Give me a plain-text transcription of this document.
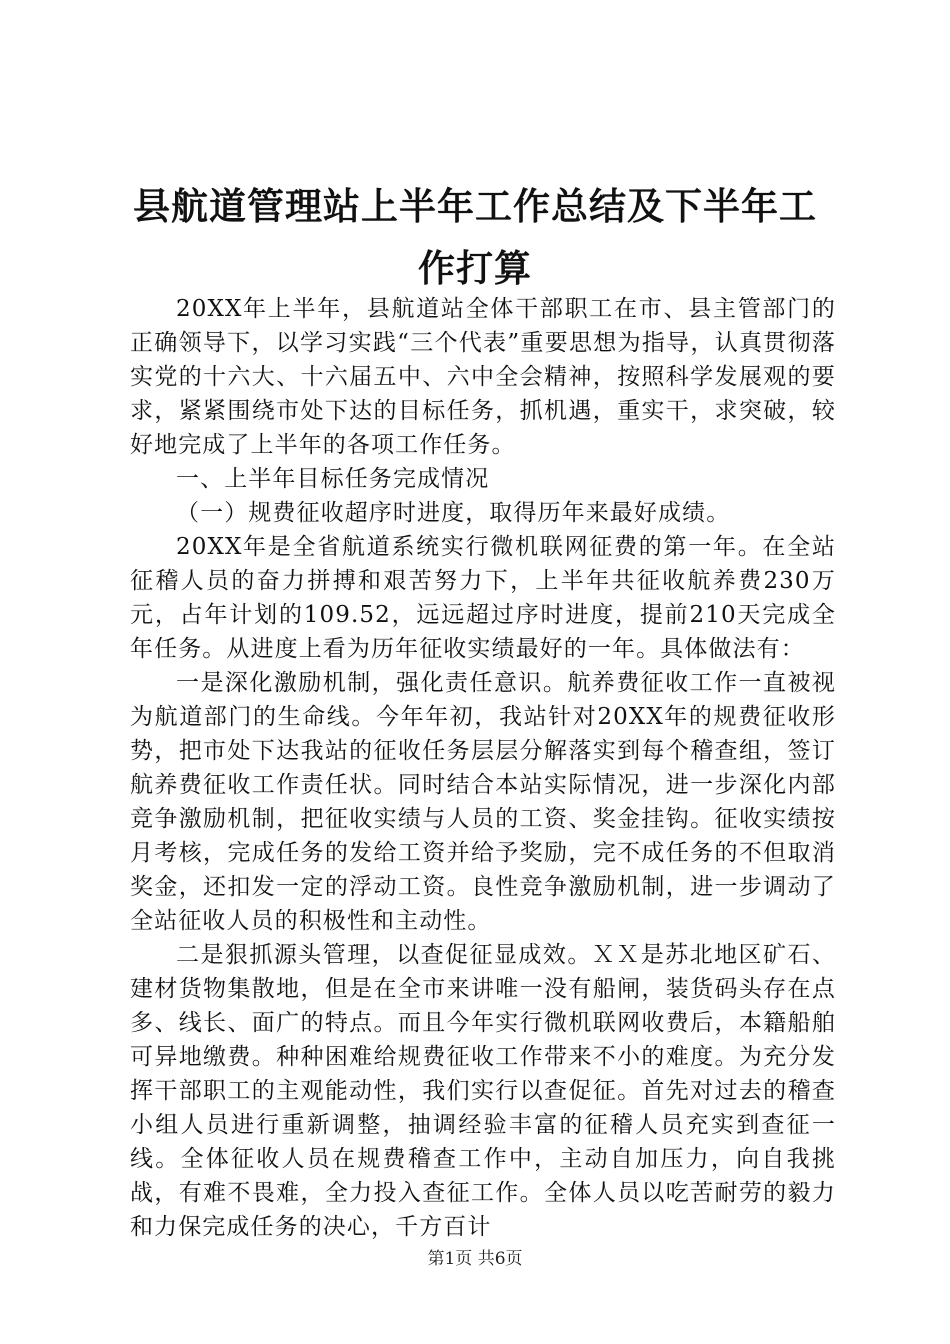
县航道管理站上半年工作总结及下半年工作打算

20XX年上半年，县航道站全体干部职工在市、县主管部门的正确领导下，以学习实践“三个代表”重要思想为指导，认真贯彻落实党的十六大、十六届五中、六中全会精神，按照科学发展观的要求，紧紧围绕市处下达的目标任务，抓机遇，重实干，求突破，较好地完成了上半年的各项工作任务。

一、上半年目标任务完成情况

（一）规费征收超序时进度，取得历年来最好成绩。

20XX年是全省航道系统实行微机联网征费的第一年。在全站征稽人员的奋力拼搏和艰苦努力下，上半年共征收航养费230万元，占年计划的109.52，远远超过序时进度，提前210天完成全年任务。从进度上看为历年征收实绩最好的一年。具体做法有：

一是深化激励机制，强化责任意识。航养费征收工作一直被视为航道部门的生命线。今年年初，我站针对20XX年的规费征收形势，把市处下达我站的征收任务层层分解落实到每个稽查组，签订航养费征收工作责任状。同时结合本站实际情况，进一步深化内部竞争激励机制，把征收实绩与人员的工资、奖金挂钩。征收实绩按月考核，完成任务的发给工资并给予奖励，完不成任务的不但取消奖金，还扣发一定的浮动工资。良性竞争激励机制，进一步调动了全站征收人员的积极性和主动性。

二是狠抓源头管理，以查促征显成效。ＸＸ是苏北地区矿石、建材货物集散地，但是在全市来讲唯一没有船闸，装货码头存在点多、线长、面广的特点。而且今年实行微机联网收费后，本籍船舶可异地缴费。种种困难给规费征收工作带来不小的难度。为充分发挥干部职工的主观能动性，我们实行以查促征。首先对过去的稽查小组人员进行重新调整，抽调经验丰富的征稽人员充实到查征一线。全体征收人员在规费稽查工作中，主动自加压力，向自我挑战，有难不畏难，全力投入查征工作。全体人员以吃苦耐劳的毅力和力保完成任务的决心，千方百计

第1页 共6页
